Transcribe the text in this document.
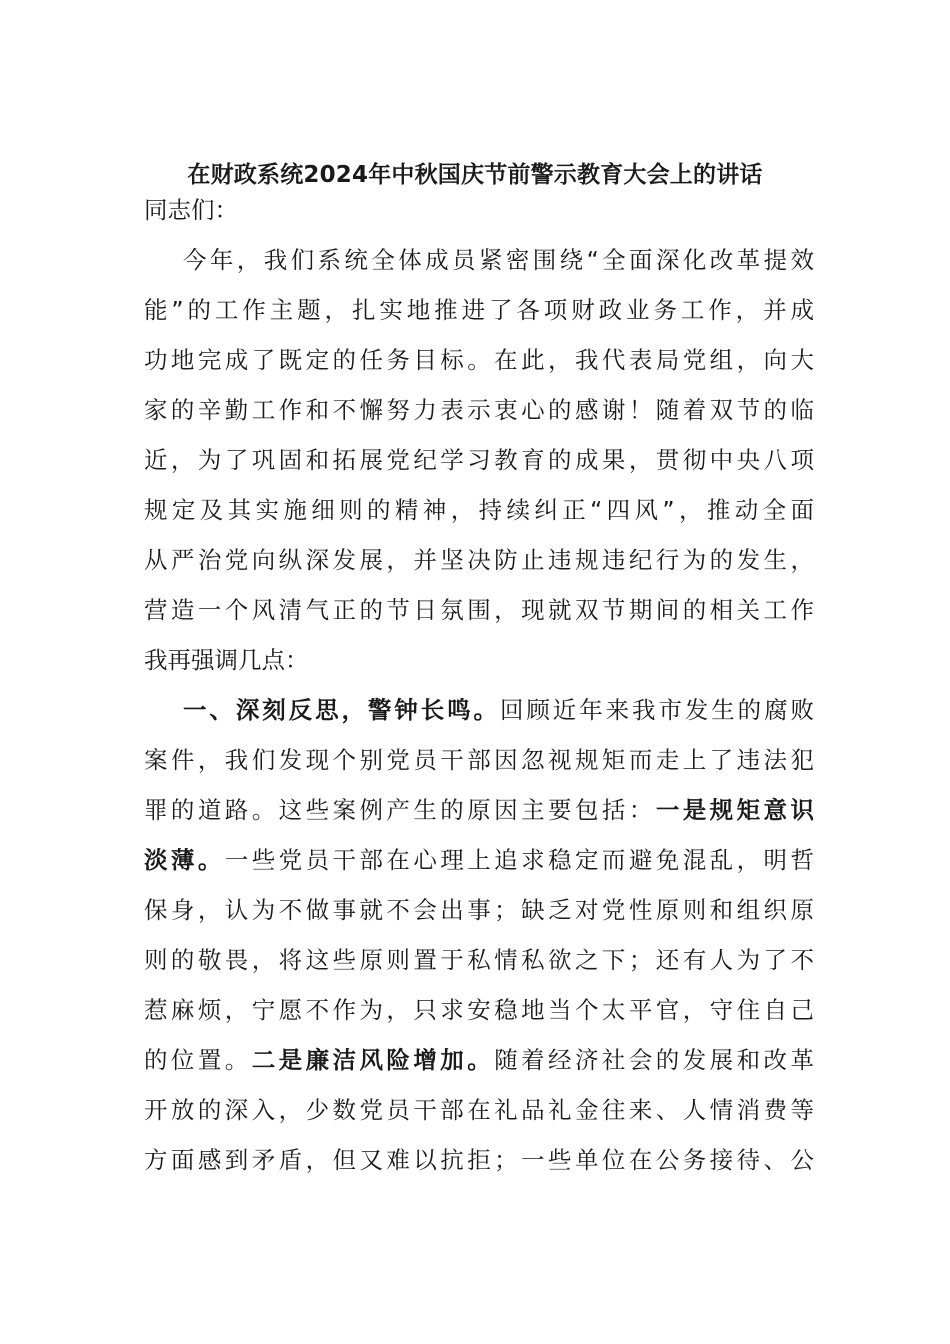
在财政系统2024年中秋国庆节前警示教育大会上的讲话
同志们：
今年，我们系统全体成员紧密围绕“全面深化改革提效
能”的工作主题，扎实地推进了各项财政业务工作，并成
功地完成了既定的任务目标。在此，我代表局党组，向大
家的辛勤工作和不懈努力表示衷心的感谢！随着双节的临
近，为了巩固和拓展党纪学习教育的成果，贯彻中央八项
规定及其实施细则的精神，持续纠正“四风”，推动全面
从严治党向纵深发展，并坚决防止违规违纪行为的发生，
营造一个风清气正的节日氛围，现就双节期间的相关工作
我再强调几点：
一、深刻反思，警钟长鸣。回顾近年来我市发生的腐败
案件，我们发现个别党员干部因忽视规矩而走上了违法犯
罪的道路。这些案例产生的原因主要包括：一是规矩意识
淡薄。一些党员干部在心理上追求稳定而避免混乱，明哲
保身，认为不做事就不会出事；缺乏对党性原则和组织原
则的敬畏，将这些原则置于私情私欲之下；还有人为了不
惹麻烦，宁愿不作为，只求安稳地当个太平官，守住自己
的位置。二是廉洁风险增加。随着经济社会的发展和改革
开放的深入，少数党员干部在礼品礼金往来、人情消费等
方面感到矛盾，但又难以抗拒；一些单位在公务接待、公
